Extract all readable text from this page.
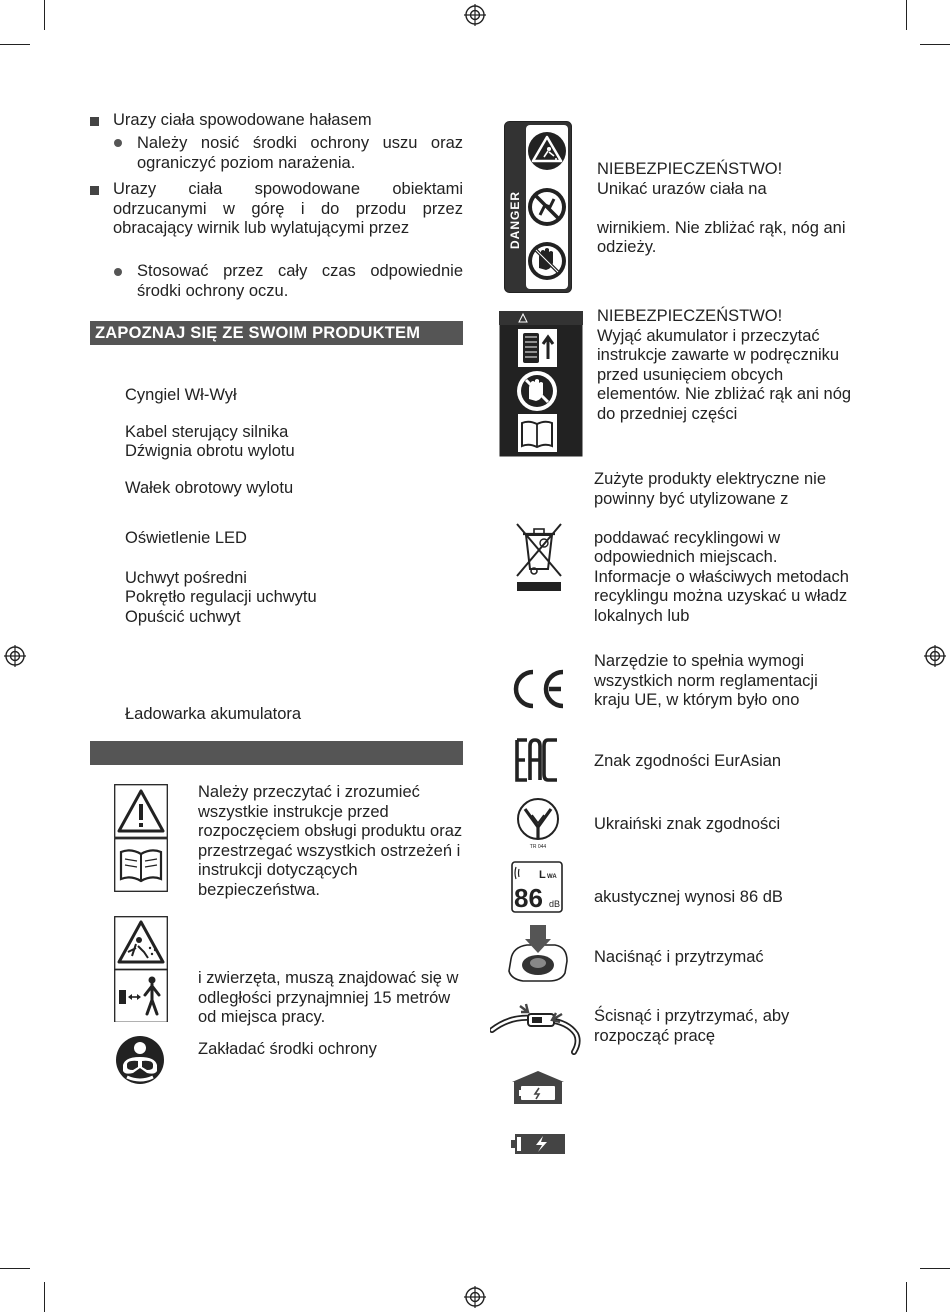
Urazy ciała spowodowane hałasem
Należy nosić środki ochrony uszu oraz ograniczyć poziom narażenia.
Urazy ciała spowodowane obiektami odrzucanymi w górę i do przodu przez obracający wirnik lub wylatującymi przez
Stosować przez cały czas odpowiednie środki ochrony oczu.
ZAPOZNAJ SIĘ ZE SWOIM PRODUKTEM
Cyngiel Wł-Wył
Kabel sterujący silnika
Dźwignia obrotu wylotu
Wałek obrotowy wylotu
Oświetlenie LED
Uchwyt pośredni
Pokrętło regulacji uchwytu
Opuścić uchwyt
Ładowarka akumulatora
Należy przeczytać i zrozumieć wszystkie instrukcje przed rozpoczęciem obsługi produktu oraz przestrzegać wszystkich ostrzeżeń i instrukcji dotyczących bezpieczeństwa.
i zwierzęta, muszą znajdować się w odległości przynajmniej 15 metrów od miejsca pracy.
Zakładać środki ochrony
DANGER
NIEBEZPIECZEŃSTWO!
Unikać urazów ciała na

wirnikiem. Nie zbliżać rąk, nóg ani odzieży.
NIEBEZPIECZEŃSTWO!
Wyjąć akumulator i przeczytać instrukcje zawarte w podręczniku przed usunięciem obcych elementów. Nie zbliżać rąk ani nóg do przedniej części
Zużyte produkty elektryczne nie powinny być utylizowane z

poddawać recyklingowi w odpowiednich miejscach. Informacje o właściwych metodach recyklingu można uzyskać u władz lokalnych lub
Narzędzie to spełnia wymogi wszystkich norm reglamentacji kraju UE, w którym było ono
Znak zgodności EurAsian
TR 044
Ukraiński znak zgodności
L WA
86 dB akustycznej wynosi 86 dB
Naciśnąć i przytrzymać
Ścisnąć i przytrzymać, aby rozpocząć pracę
